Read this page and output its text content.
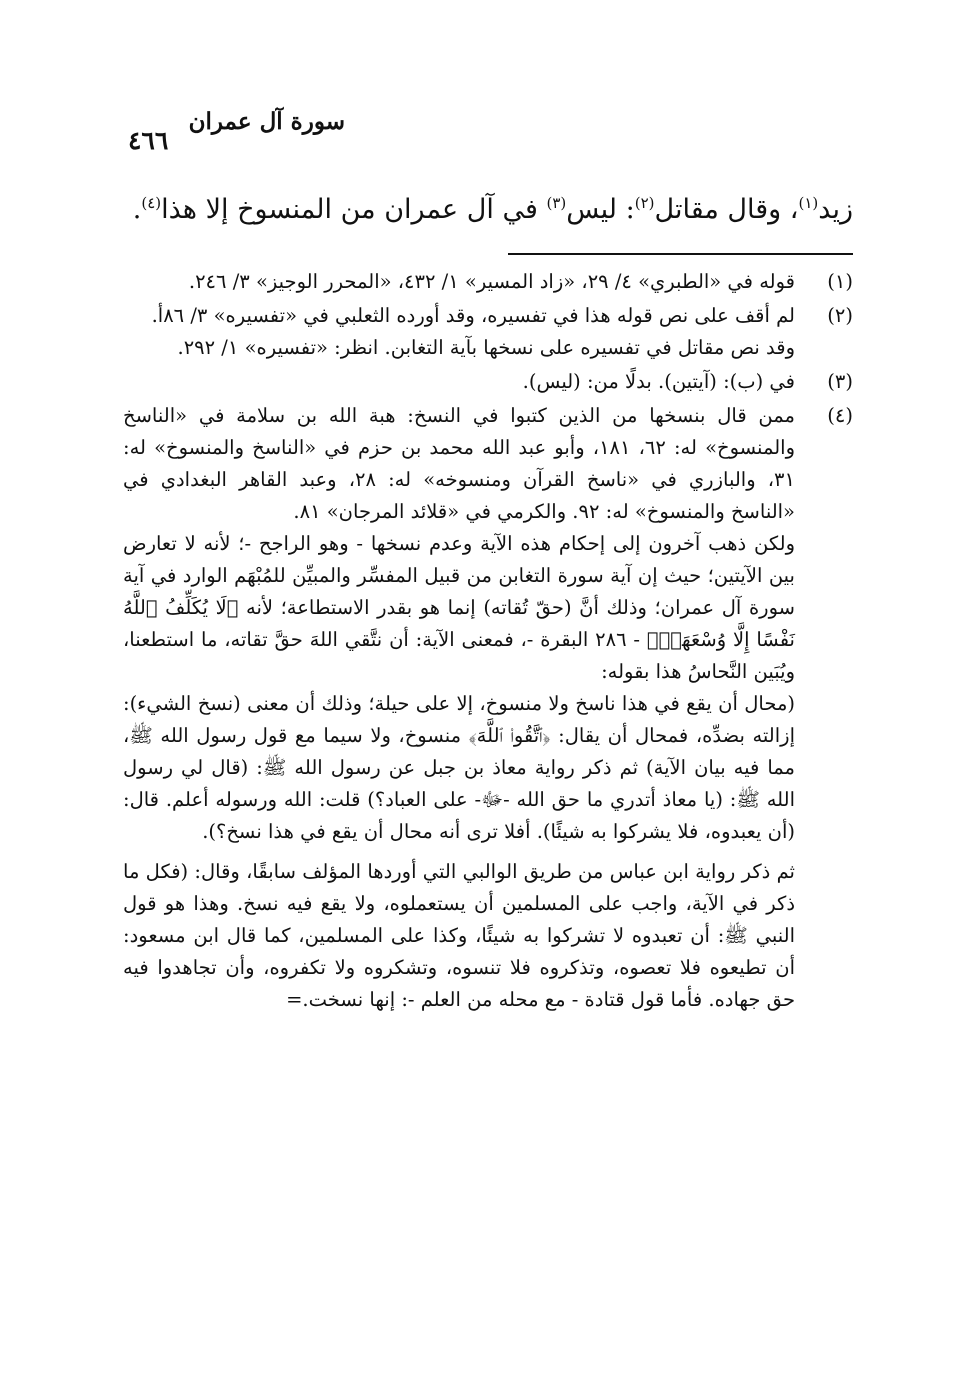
سورة آل عمران
٤٦٦
زيد$^{(١)}$، وقال مقاتل$^{(٢)}$: ليس$^{(٣)}$ في آل عمران من المنسوخ إلا هذا$^{(٤)}$.
(١)

قوله في «الطبري» ٤/ ٢٩، «زاد المسير» ١/ ٤٣٢، «المحرر الوجيز» ٣/ ٢٤٦.

(٢)

لم أقف على نص قوله هذا في تفسيره، وقد أورده الثعلبي في «تفسيره» ٣/ ٨٦أ.

وقد نص مقاتل في تفسيره على نسخها بآية التغابن. انظر: «تفسيره» ١/ ٢٩٢.

(٣)

في (ب): (آيتين). بدلًا من: (ليس).

(٤)

ممن قال بنسخها من الذين كتبوا في النسخ: هبة الله بن سلامة في «الناسخ والمنسوخ» له: ٦٢، ١٨١، وأبو عبد الله محمد بن حزم في «الناسخ والمنسوخ» له: ٣١، والبازري في «ناسخ القرآن ومنسوخه» له: ٢٨، وعبد القاهر البغدادي في «الناسخ والمنسوخ» له: ٩٢. والكرمي في «قلائد المرجان» ٨١.

ولكن ذهب آخرون إلى إحكام هذه الآية وعدم نسخها - وهو الراجح -؛ لأنه لا تعارض بين الآيتين؛ حيث إن آية سورة التغابن من قبيل المفسِّر والمبيِّن للمُبْهَم الوارد في آية سورة آل عمران؛ وذلك أنَّ (حقّ تُقاته) إنما هو بقدر الاستطاعة؛ لأنه ﴿لَا يُكَلِّفُ ٱللَّهُ نَفْسًا إِلَّا وُسْعَهَاۚ﴾ - ٢٨٦ البقرة -، فمعنى الآية: أن نتَّقي اللهَ حقَّ تقاته، ما استطعنا، ويُبَين النَّحاسُ هذا بقوله:

(محال أن يقع في هذا ناسخ ولا منسوخ، إلا على حيلة؛ وذلك أن معنى (نسخ الشيء): إزالته بضدِّه، فمحال أن يقال: ﴿ٱتَّقُوا۟ ٱللَّهَ﴾ منسوخ، ولا سيما مع قول رسول الله ﷺ، مما فيه بيان الآية) ثم ذكر رواية معاذ بن جبل عن رسول الله ﷺ: (قال لي رسول الله ﷺ: (يا معاذ أتدري ما حق الله -ﷻ- على العباد؟) قلت: الله ورسوله أعلم. قال: (أن يعبدوه، فلا يشركوا به شيئًا). أفلا ترى أنه محال أن يقع في هذا نسخ؟).

ثم ذكر رواية ابن عباس من طريق الوالبي التي أوردها المؤلف سابقًا، وقال: (فكل ما ذكر في الآية، واجب على المسلمين أن يستعملوه، ولا يقع فيه نسخ. وهذا هو قول النبي ﷺ: أن تعبدوه لا تشركوا به شيئًا، وكذا على المسلمين، كما قال ابن مسعود: أن تطيعوه فلا تعصوه، وتذكروه فلا تنسوه، وتشكروه ولا تكفروه، وأن تجاهدوا فيه حق جهاده. فأما قول قتادة - مع محله من العلم -: إنها نسخت.=
